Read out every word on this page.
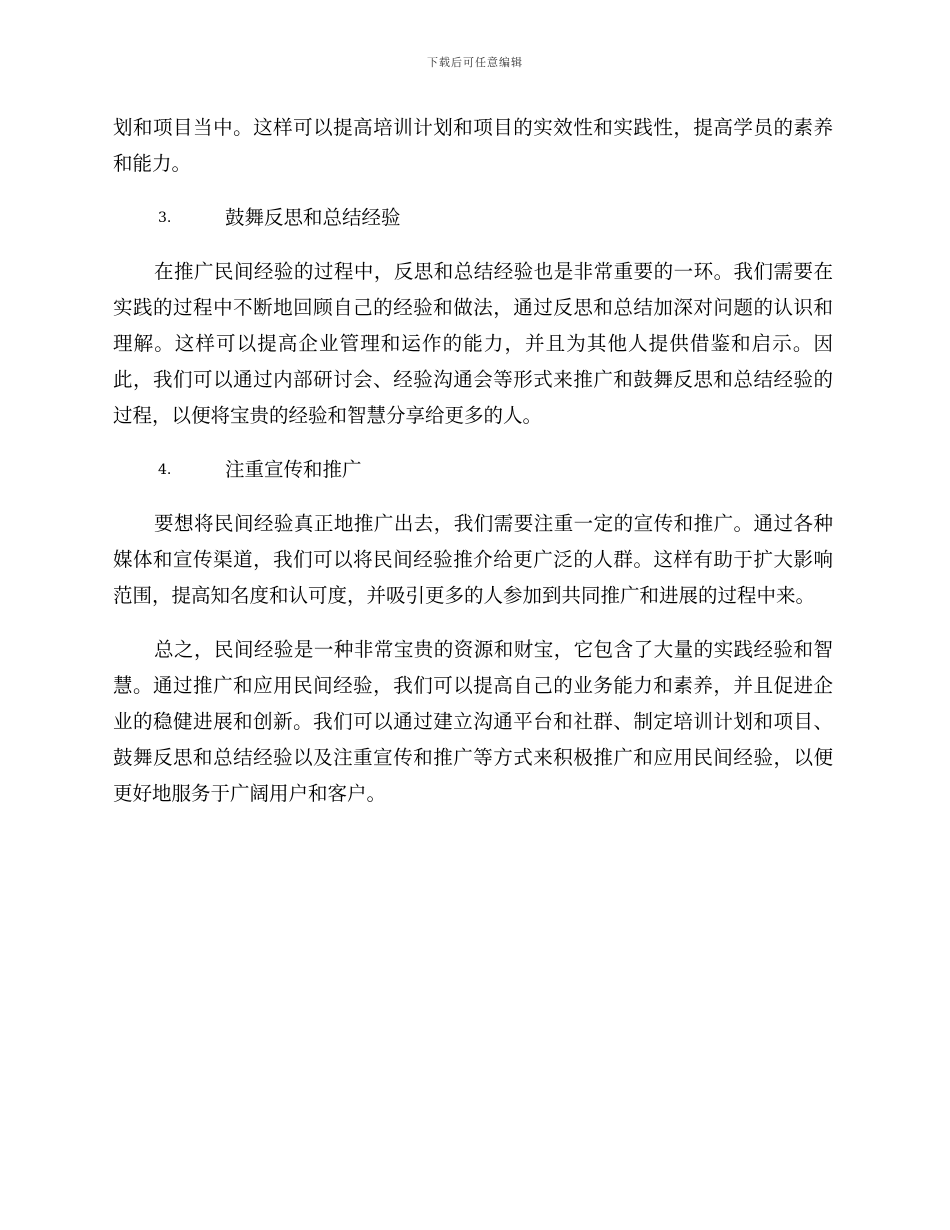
下载后可任意编辑

划和项目当中。这样可以提高培训计划和项目的实效性和实践性，提高学员的素养和能力。

3.	鼓舞反思和总结经验

在推广民间经验的过程中，反思和总结经验也是非常重要的一环。我们需要在实践的过程中不断地回顾自己的经验和做法，通过反思和总结加深对问题的认识和理解。这样可以提高企业管理和运作的能力，并且为其他人提供借鉴和启示。因此，我们可以通过内部研讨会、经验沟通会等形式来推广和鼓舞反思和总结经验的过程，以便将宝贵的经验和智慧分享给更多的人。

4.	注重宣传和推广

要想将民间经验真正地推广出去，我们需要注重一定的宣传和推广。通过各种媒体和宣传渠道，我们可以将民间经验推介给更广泛的人群。这样有助于扩大影响范围，提高知名度和认可度，并吸引更多的人参加到共同推广和进展的过程中来。

总之，民间经验是一种非常宝贵的资源和财宝，它包含了大量的实践经验和智慧。通过推广和应用民间经验，我们可以提高自己的业务能力和素养，并且促进企业的稳健进展和创新。我们可以通过建立沟通平台和社群、制定培训计划和项目、鼓舞反思和总结经验以及注重宣传和推广等方式来积极推广和应用民间经验，以便更好地服务于广阔用户和客户。
